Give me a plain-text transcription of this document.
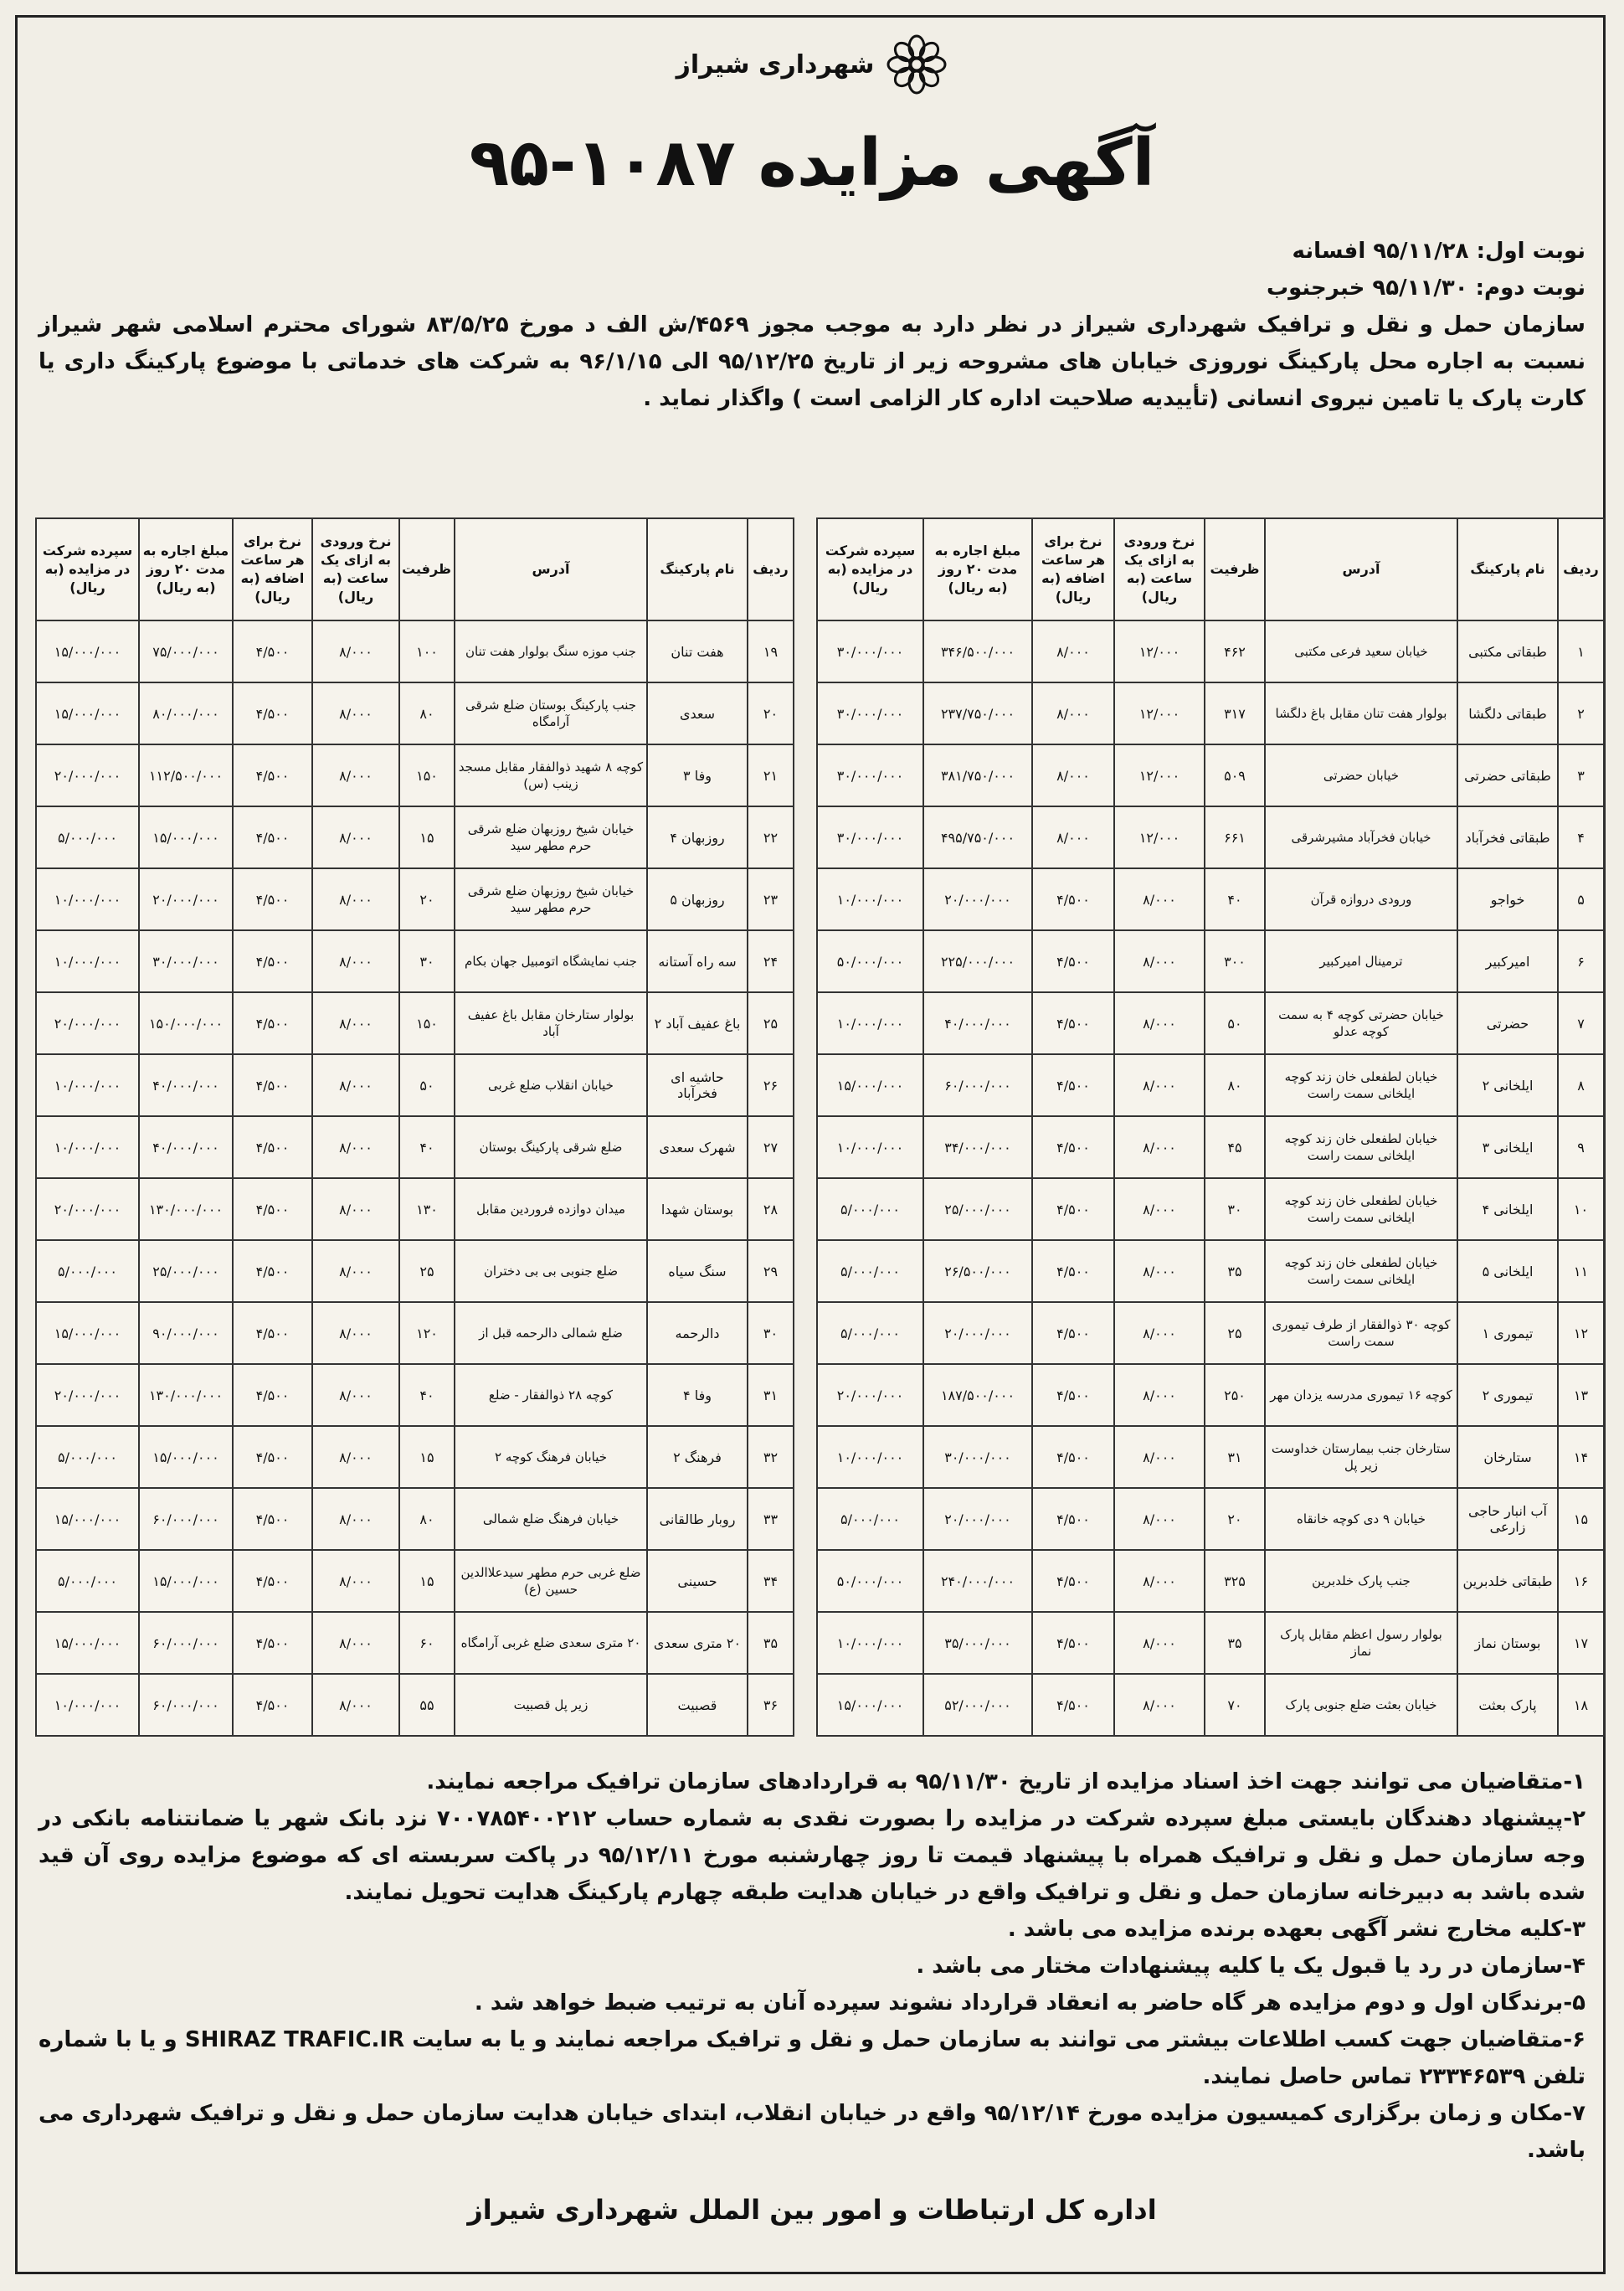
شهرداری شیراز
آگهی مزایده ۱۰۸۷-۹۵

نوبت اول: ۹۵/۱۱/۲۸ افسانه

نوبت دوم: ۹۵/۱۱/۳۰ خبرجنوب

سازمان حمل و نقل و ترافیک شهرداری شیراز در نظر دارد به موجب مجوز ۴۵۶۹/ش الف د مورخ ۸۳/۵/۲۵ شورای محترم اسلامی شهر شیراز نسبت به اجاره محل پارکینگ نوروزی خیابان های مشروحه زیر از تاریخ ۹۵/۱۲/۲۵ الی ۹۶/۱/۱۵ به شرکت های خدماتی با موضوع پارکینگ داری یا کارت پارک یا تامین نیروی انسانی (تأییدیه صلاحیت اداره کار الزامی است ) واگذار نماید .

ردیف	نام پارکینگ	آدرس	ظرفیت	نرخ ورودی به ازای یک ساعت (به ریال)	نرخ برای هر ساعت اضافه (به ریال)	مبلغ اجاره به مدت ۲۰ روز (به ریال)	سپرده شرکت در مزایده (به ریال)
۱	طبقاتی مکتبی	خیابان سعید فرعی مکتبی	۴۶۲	۱۲/۰۰۰	۸/۰۰۰	۳۴۶/۵۰۰/۰۰۰	۳۰/۰۰۰/۰۰۰
۲	طبقاتی دلگشا	بولوار هفت تنان مقابل باغ دلگشا	۳۱۷	۱۲/۰۰۰	۸/۰۰۰	۲۳۷/۷۵۰/۰۰۰	۳۰/۰۰۰/۰۰۰
۳	طبقاتی حضرتی	خیابان حضرتی	۵۰۹	۱۲/۰۰۰	۸/۰۰۰	۳۸۱/۷۵۰/۰۰۰	۳۰/۰۰۰/۰۰۰
۴	طبقاتی فخرآباد	خیابان فخرآباد مشیرشرقی	۶۶۱	۱۲/۰۰۰	۸/۰۰۰	۴۹۵/۷۵۰/۰۰۰	۳۰/۰۰۰/۰۰۰
۵	خواجو	ورودی دروازه قرآن	۴۰	۸/۰۰۰	۴/۵۰۰	۲۰/۰۰۰/۰۰۰	۱۰/۰۰۰/۰۰۰
۶	امیرکبیر	ترمینال امیرکبیر	۳۰۰	۸/۰۰۰	۴/۵۰۰	۲۲۵/۰۰۰/۰۰۰	۵۰/۰۰۰/۰۰۰
۷	حضرتی	خیابان حضرتی کوچه ۴ به سمت کوچه عدلو	۵۰	۸/۰۰۰	۴/۵۰۰	۴۰/۰۰۰/۰۰۰	۱۰/۰۰۰/۰۰۰
۸	ایلخانی ۲	خیابان لطفعلی خان زند کوچه ایلخانی سمت راست	۸۰	۸/۰۰۰	۴/۵۰۰	۶۰/۰۰۰/۰۰۰	۱۵/۰۰۰/۰۰۰
۹	ایلخانی ۳	خیابان لطفعلی خان زند کوچه ایلخانی سمت راست	۴۵	۸/۰۰۰	۴/۵۰۰	۳۴/۰۰۰/۰۰۰	۱۰/۰۰۰/۰۰۰
۱۰	ایلخانی ۴	خیابان لطفعلی خان زند کوچه ایلخانی سمت راست	۳۰	۸/۰۰۰	۴/۵۰۰	۲۵/۰۰۰/۰۰۰	۵/۰۰۰/۰۰۰
۱۱	ایلخانی ۵	خیابان لطفعلی خان زند کوچه ایلخانی سمت راست	۳۵	۸/۰۰۰	۴/۵۰۰	۲۶/۵۰۰/۰۰۰	۵/۰۰۰/۰۰۰
۱۲	تیموری ۱	کوچه ۳۰ ذوالفقار از طرف تیموری سمت راست	۲۵	۸/۰۰۰	۴/۵۰۰	۲۰/۰۰۰/۰۰۰	۵/۰۰۰/۰۰۰
۱۳	تیموری ۲	کوچه ۱۶ تیموری مدرسه یزدان مهر	۲۵۰	۸/۰۰۰	۴/۵۰۰	۱۸۷/۵۰۰/۰۰۰	۲۰/۰۰۰/۰۰۰
۱۴	ستارخان	ستارخان جنب بیمارستان خداوست زیر پل	۳۱	۸/۰۰۰	۴/۵۰۰	۳۰/۰۰۰/۰۰۰	۱۰/۰۰۰/۰۰۰
۱۵	آب انبار حاجی زارعی	خیابان ۹ دی کوچه خانقاه	۲۰	۸/۰۰۰	۴/۵۰۰	۲۰/۰۰۰/۰۰۰	۵/۰۰۰/۰۰۰
۱۶	طبقاتی خلدبرین	جنب پارک خلدبرین	۳۲۵	۸/۰۰۰	۴/۵۰۰	۲۴۰/۰۰۰/۰۰۰	۵۰/۰۰۰/۰۰۰
۱۷	بوستان نماز	بولوار رسول اعظم مقابل پارک نماز	۳۵	۸/۰۰۰	۴/۵۰۰	۳۵/۰۰۰/۰۰۰	۱۰/۰۰۰/۰۰۰
۱۸	پارک بعثت	خیابان بعثت ضلع جنوبی پارک	۷۰	۸/۰۰۰	۴/۵۰۰	۵۲/۰۰۰/۰۰۰	۱۵/۰۰۰/۰۰۰
ردیف	نام پارکینگ	آدرس	ظرفیت	نرخ ورودی به ازای یک ساعت (به ریال)	نرخ برای هر ساعت اضافه (به ریال)	مبلغ اجاره به مدت ۲۰ روز (به ریال)	سپرده شرکت در مزایده (به ریال)
۱۹	هفت تنان	جنب موزه سنگ بولوار هفت تنان	۱۰۰	۸/۰۰۰	۴/۵۰۰	۷۵/۰۰۰/۰۰۰	۱۵/۰۰۰/۰۰۰
۲۰	سعدی	جنب پارکینگ بوستان ضلع شرقی آرامگاه	۸۰	۸/۰۰۰	۴/۵۰۰	۸۰/۰۰۰/۰۰۰	۱۵/۰۰۰/۰۰۰
۲۱	وفا ۳	کوچه ۸ شهید ذوالفقار مقابل مسجد زینب (س)	۱۵۰	۸/۰۰۰	۴/۵۰۰	۱۱۲/۵۰۰/۰۰۰	۲۰/۰۰۰/۰۰۰
۲۲	روزبهان ۴	خیابان شیخ روزبهان ضلع شرقی حرم مطهر سید	۱۵	۸/۰۰۰	۴/۵۰۰	۱۵/۰۰۰/۰۰۰	۵/۰۰۰/۰۰۰
۲۳	روزبهان ۵	خیابان شیخ روزبهان ضلع شرقی حرم مطهر سید	۲۰	۸/۰۰۰	۴/۵۰۰	۲۰/۰۰۰/۰۰۰	۱۰/۰۰۰/۰۰۰
۲۴	سه راه آستانه	جنب نمایشگاه اتومبیل جهان بکام	۳۰	۸/۰۰۰	۴/۵۰۰	۳۰/۰۰۰/۰۰۰	۱۰/۰۰۰/۰۰۰
۲۵	باغ عفیف آباد ۲	بولوار ستارخان مقابل باغ عفیف آباد	۱۵۰	۸/۰۰۰	۴/۵۰۰	۱۵۰/۰۰۰/۰۰۰	۲۰/۰۰۰/۰۰۰
۲۶	حاشیه ای فخرآباد	خیابان انقلاب ضلع غربی	۵۰	۸/۰۰۰	۴/۵۰۰	۴۰/۰۰۰/۰۰۰	۱۰/۰۰۰/۰۰۰
۲۷	شهرک سعدی	ضلع شرقی پارکینگ بوستان	۴۰	۸/۰۰۰	۴/۵۰۰	۴۰/۰۰۰/۰۰۰	۱۰/۰۰۰/۰۰۰
۲۸	بوستان شهدا	میدان دوازده فروردین مقابل	۱۳۰	۸/۰۰۰	۴/۵۰۰	۱۳۰/۰۰۰/۰۰۰	۲۰/۰۰۰/۰۰۰
۲۹	سنگ سیاه	ضلع جنوبی بی بی دختران	۲۵	۸/۰۰۰	۴/۵۰۰	۲۵/۰۰۰/۰۰۰	۵/۰۰۰/۰۰۰
۳۰	دالرحمه	ضلع شمالی دالرحمه قبل از	۱۲۰	۸/۰۰۰	۴/۵۰۰	۹۰/۰۰۰/۰۰۰	۱۵/۰۰۰/۰۰۰
۳۱	وفا ۴	کوچه ۲۸ ذوالفقار - ضلع	۴۰	۸/۰۰۰	۴/۵۰۰	۱۳۰/۰۰۰/۰۰۰	۲۰/۰۰۰/۰۰۰
۳۲	فرهنگ ۲	خیابان فرهنگ کوچه ۲	۱۵	۸/۰۰۰	۴/۵۰۰	۱۵/۰۰۰/۰۰۰	۵/۰۰۰/۰۰۰
۳۳	روبار طالقانی	خیابان فرهنگ ضلع شمالی	۸۰	۸/۰۰۰	۴/۵۰۰	۶۰/۰۰۰/۰۰۰	۱۵/۰۰۰/۰۰۰
۳۴	حسینی	ضلع غربی حرم مطهر سیدعلاالدین حسین (ع)	۱۵	۸/۰۰۰	۴/۵۰۰	۱۵/۰۰۰/۰۰۰	۵/۰۰۰/۰۰۰
۳۵	۲۰ متری سعدی	۲۰ متری سعدی ضلع غربی آرامگاه	۶۰	۸/۰۰۰	۴/۵۰۰	۶۰/۰۰۰/۰۰۰	۱۵/۰۰۰/۰۰۰
۳۶	قصبیت	زیر پل قصبیت	۵۵	۸/۰۰۰	۴/۵۰۰	۶۰/۰۰۰/۰۰۰	۱۰/۰۰۰/۰۰۰

۱-متقاضیان می توانند جهت اخذ اسناد مزایده از تاریخ ۹۵/۱۱/۳۰ به قراردادهای سازمان ترافیک مراجعه نمایند.

۲-پیشنهاد دهندگان بایستی مبلغ سپرده شرکت در مزایده را بصورت نقدی به شماره حساب ۷۰۰۷۸۵۴۰۰۲۱۲ نزد بانک شهر یا ضمانتنامه بانکی در وجه سازمان حمل و نقل و ترافیک همراه با پیشنهاد قیمت تا روز چهارشنبه مورخ ۹۵/۱۲/۱۱ در پاکت سربسته ای که موضوع مزایده روی آن قید شده باشد به دبیرخانه سازمان حمل و نقل و ترافیک واقع در خیابان هدایت طبقه چهارم پارکینگ هدایت تحویل نمایند.

۳-کلیه مخارج نشر آگهی بعهده برنده مزایده می باشد .

۴-سازمان در رد یا قبول یک یا کلیه پیشنهادات مختار می باشد .

۵-برندگان اول و دوم مزایده هر گاه حاضر به انعقاد قرارداد نشوند سپرده آنان به ترتیب ضبط خواهد شد .

۶-متقاضیان جهت کسب اطلاعات بیشتر می توانند به سازمان حمل و نقل و ترافیک مراجعه نمایند و یا به سایت SHIRAZ TRAFIC.IR و یا با شماره تلفن ۲۳۳۴۶۵۳۹ تماس حاصل نمایند.

۷-مکان و زمان برگزاری کمیسیون مزایده مورخ ۹۵/۱۲/۱۴ واقع در خیابان انقلاب، ابتدای خیابان هدایت سازمان حمل و نقل و ترافیک شهرداری می باشد.

اداره کل ارتباطات و امور بین الملل شهرداری شیراز
